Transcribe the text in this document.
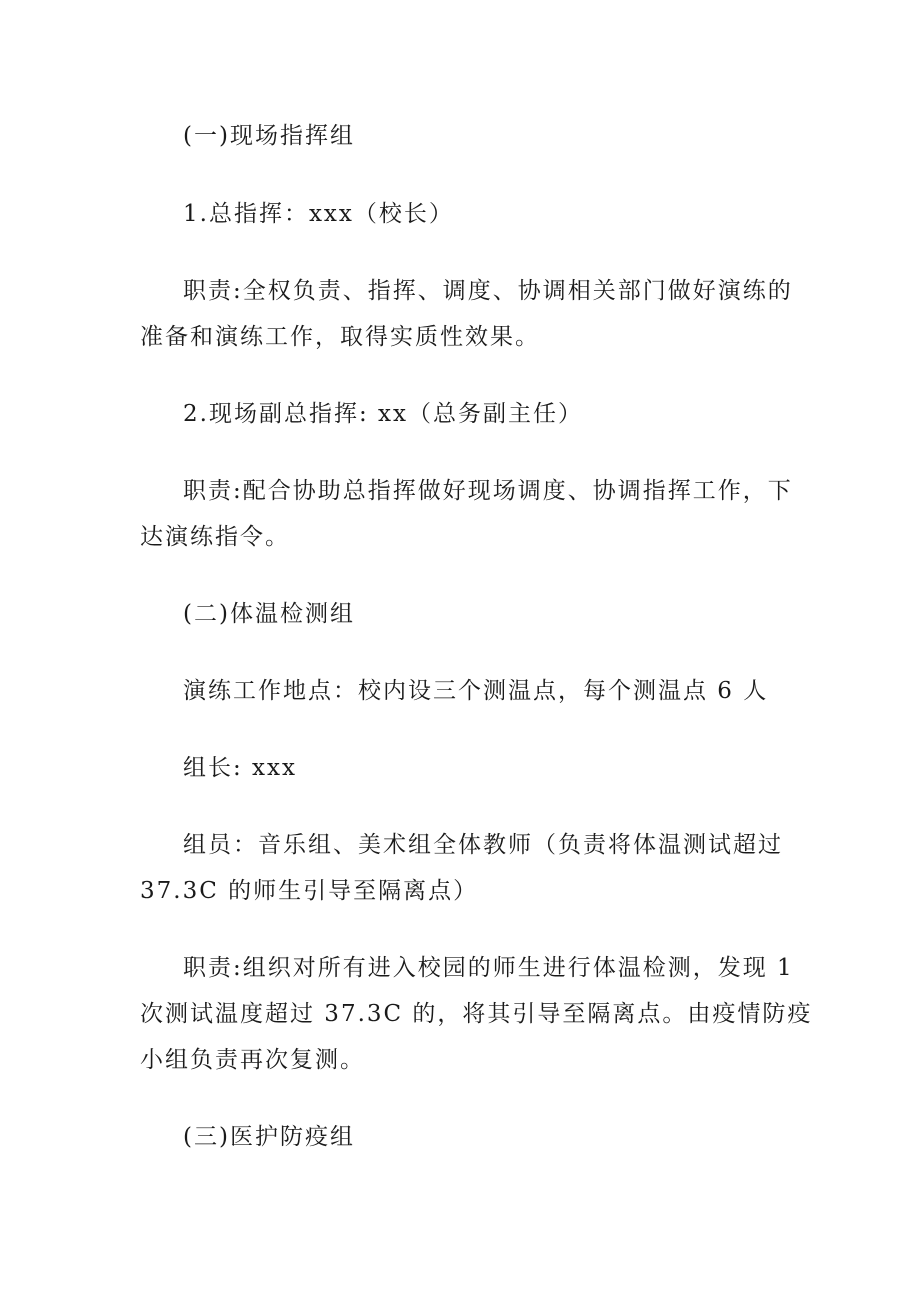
(一)现场指挥组
1.总指挥：xxx（校长）
职责:全权负责、指挥、调度、协调相关部门做好演练的
准备和演练工作，取得实质性效果。
2.现场副总指挥: xx（总务副主任）
职责:配合协助总指挥做好现场调度、协调指挥工作，下
达演练指令。
(二)体温检测组
演练工作地点：校内设三个测温点，每个测温点 6 人
组长: xxx
组员：音乐组、美术组全体教师（负责将体温测试超过
37.3C 的师生引导至隔离点）
职责:组织对所有进入校园的师生进行体温检测，发现 1
次测试温度超过 37.3C 的，将其引导至隔离点。由疫情防疫
小组负责再次复测。
(三)医护防疫组
